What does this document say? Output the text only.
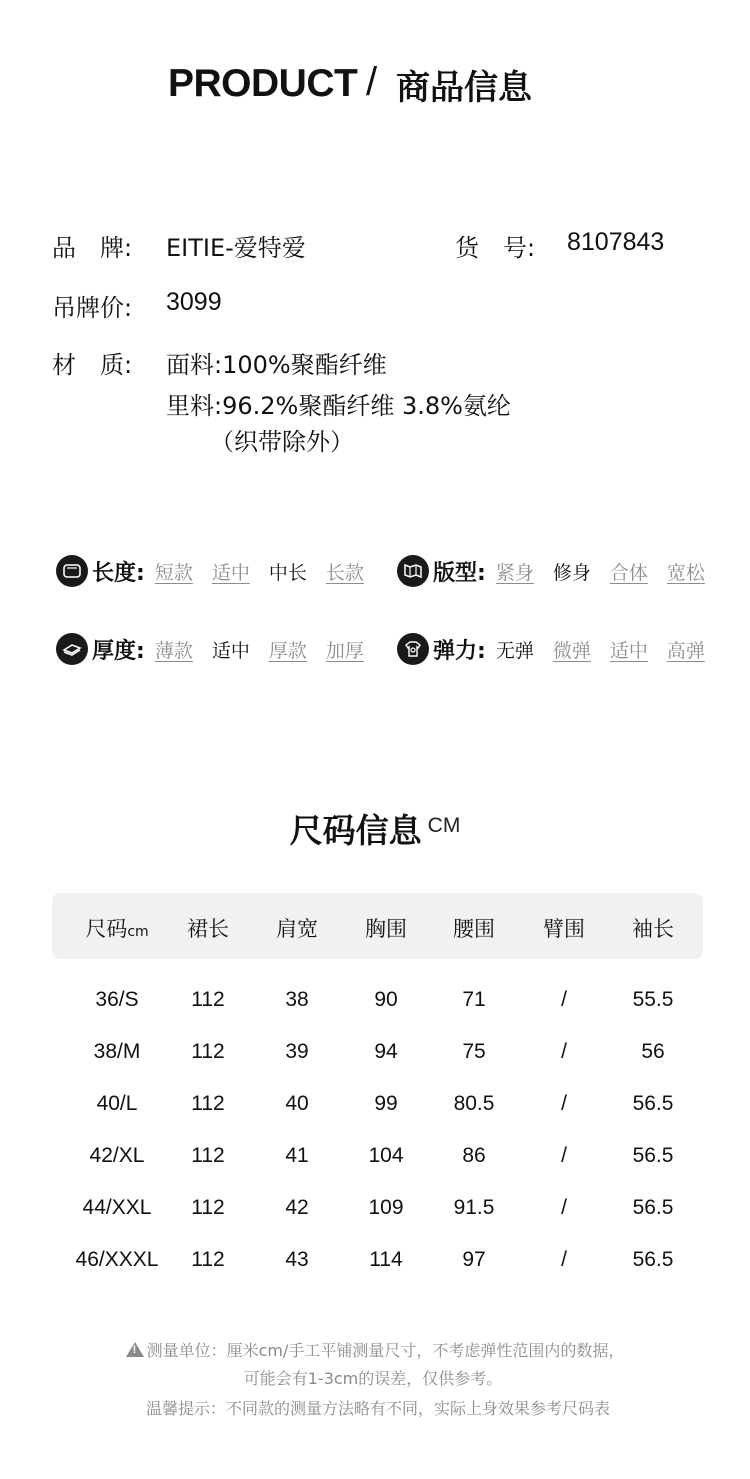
PRODUCT / 商品信息
品　牌: EITIE-爱特爱	货　号: 8107843
吊牌价: 3099
材　质: 面料:100%聚酯纤维
里料:96.2%聚酯纤维 3.8%氨纶
（织带除外）
长度: 短款 适中 中长 长款	版型: 紧身 修身 合体 宽松
厚度: 薄款 适中 厚款 加厚	弹力: 无弹 微弹 适中 高弹
尺码信息 CM
尺码cm	裙长	肩宽	胸围	腰围	臂围	袖长
36/S	112	38	90	71	/	55.5
38/M	112	39	94	75	/	56
40/L	112	40	99	80.5	/	56.5
42/XL	112	41	104	86	/	56.5
44/XXL	112	42	109	91.5	/	56.5
46/XXXL	112	43	114	97	/	56.5
!测量单位：厘米cm/手工平铺测量尺寸，不考虑弹性范围内的数据，
可能会有1-3cm的误差，仅供参考。
温馨提示：不同款的测量方法略有不同，实际上身效果参考尺码表
